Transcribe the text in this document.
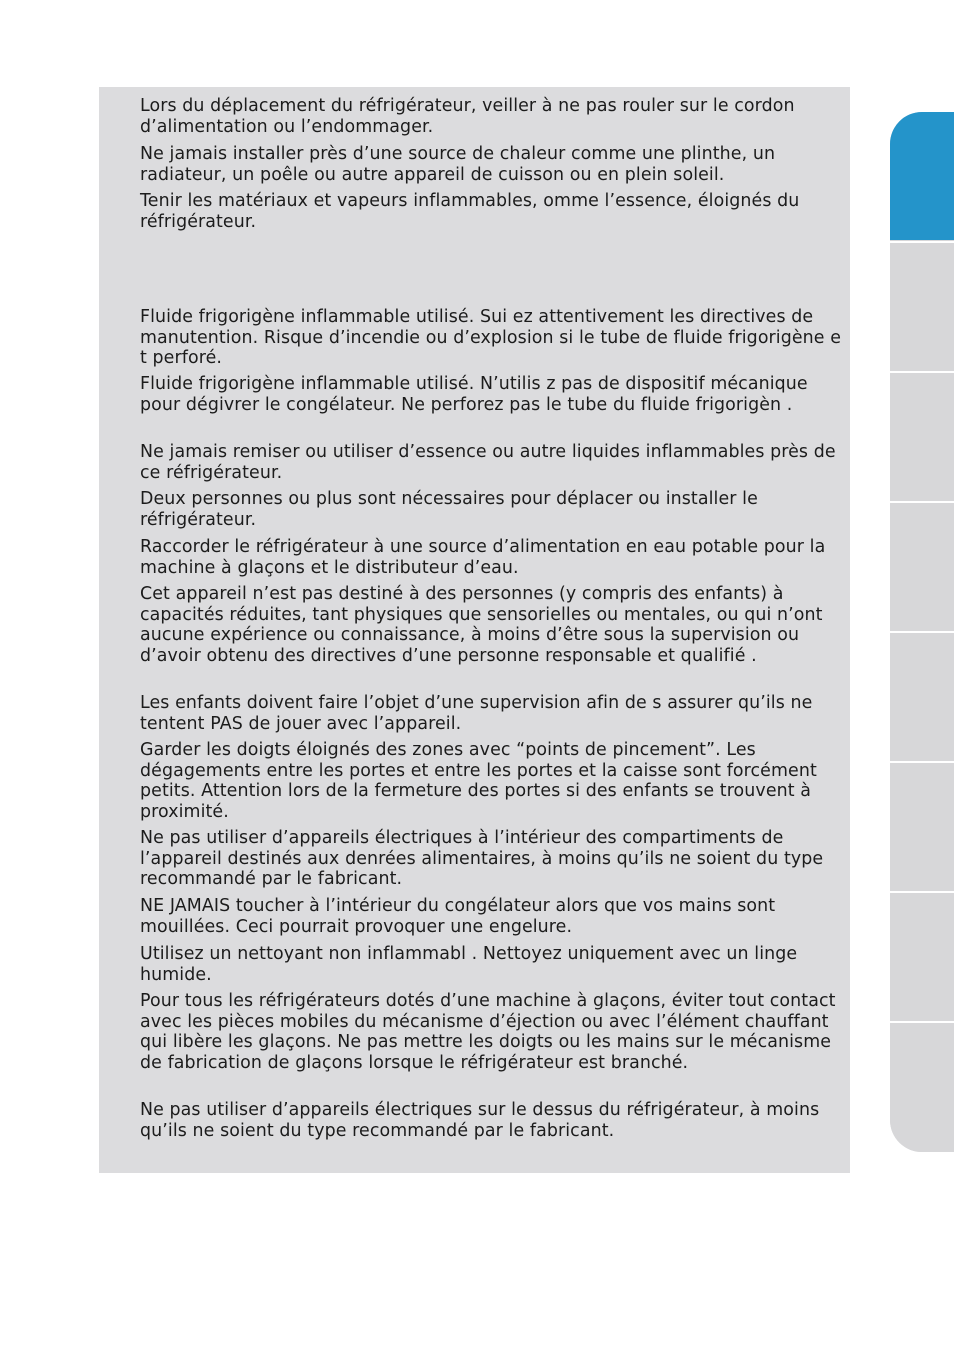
Lors du déplacement du réfrigérateur, veiller à ne pas rouler sur le cordon d’alimentation ou l’endommager.

Ne jamais installer près d’une source de chaleur comme une plinthe, un radiateur, un poêle ou autre appareil de cuisson ou en plein soleil.

Tenir les matériaux et vapeurs inflammables, omme l’essence, éloignés du réfrigérateur.

Fluide frigorigène inflammable utilisé. Sui ez attentivement les directives de manutention. Risque d’incendie ou d’explosion si le tube de fluide frigorigène e t perforé.

Fluide frigorigène inflammable utilisé. N’utilis z pas de dispositif mécanique pour dégivrer le congélateur. Ne perforez pas le tube du fluide frigorigèn .

Ne jamais remiser ou utiliser d’essence ou autre liquides inflammables près de ce réfrigérateur.

Deux personnes ou plus sont nécessaires pour déplacer ou installer le réfrigérateur.

Raccorder le réfrigérateur à une source d’alimentation en eau potable pour la machine à glaçons et le distributeur d’eau.

Cet appareil n’est pas destiné à des personnes (y compris des enfants) à capacités réduites, tant physiques que sensorielles ou mentales, ou qui n’ont aucune expérience ou connaissance, à moins d’être sous la supervision ou d’avoir obtenu des directives d’une personne responsable et qualifié .

Les enfants doivent faire l’objet d’une supervision afin de s assurer qu’ils ne tentent PAS de jouer avec l’appareil.

Garder les doigts éloignés des zones avec “points de pincement”. Les dégagements entre les portes et entre les portes et la caisse sont forcément petits. Attention lors de la fermeture des portes si des enfants se trouvent à proximité.

Ne pas utiliser d’appareils électriques à l’intérieur des compartiments de l’appareil destinés aux denrées alimentaires, à moins qu’ils ne soient du type recommandé par le fabricant.

NE JAMAIS toucher à l’intérieur du congélateur alors que vos mains sont mouillées. Ceci pourrait provoquer une engelure.

Utilisez un nettoyant non inflammabl . Nettoyez uniquement avec un linge humide.

Pour tous les réfrigérateurs dotés d’une machine à glaçons, éviter tout contact avec les pièces mobiles du mécanisme d’éjection ou avec l’élément chauffant qui libère les glaçons. Ne pas mettre les doigts ou les mains sur le mécanisme de fabrication de glaçons lorsque le réfrigérateur est branché.

Ne pas utiliser d’appareils électriques sur le dessus du réfrigérateur, à moins qu’ils ne soient du type recommandé par le fabricant.
